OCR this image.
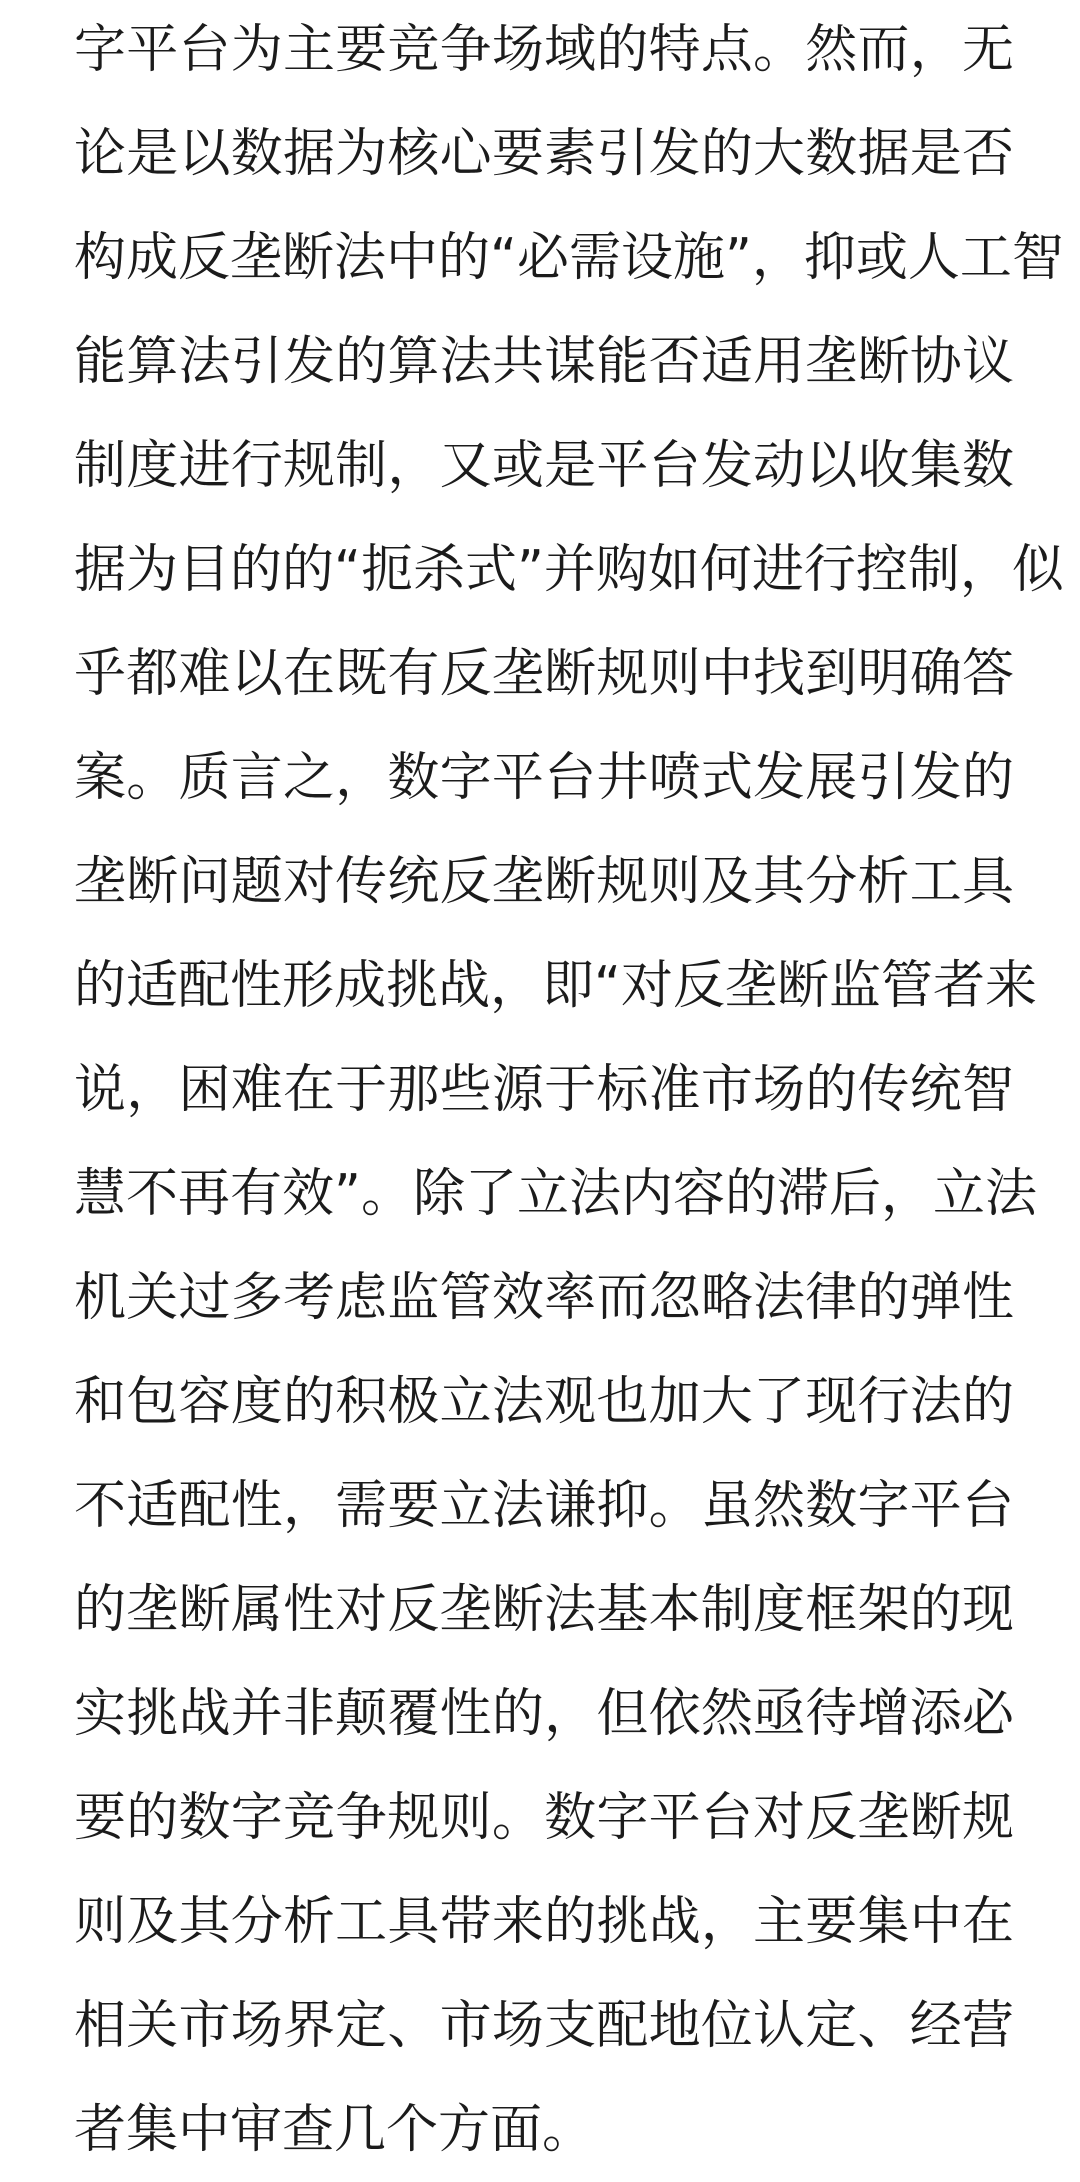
字平台为主要竞争场域的特点。然而，无
论是以数据为核心要素引发的大数据是否
构成反垄断法中的“必需设施”，抑或人工智
能算法引发的算法共谋能否适用垄断协议
制度进行规制，又或是平台发动以收集数
据为目的的“扼杀式”并购如何进行控制，似
乎都难以在既有反垄断规则中找到明确答
案。质言之，数字平台井喷式发展引发的
垄断问题对传统反垄断规则及其分析工具
的适配性形成挑战，即“对反垄断监管者来
说，困难在于那些源于标准市场的传统智
慧不再有效”。除了立法内容的滞后，立法
机关过多考虑监管效率而忽略法律的弹性
和包容度的积极立法观也加大了现行法的
不适配性，需要立法谦抑。虽然数字平台
的垄断属性对反垄断法基本制度框架的现
实挑战并非颠覆性的，但依然亟待增添必
要的数字竞争规则。数字平台对反垄断规
则及其分析工具带来的挑战，主要集中在
相关市场界定、市场支配地位认定、经营
者集中审查几个方面。
